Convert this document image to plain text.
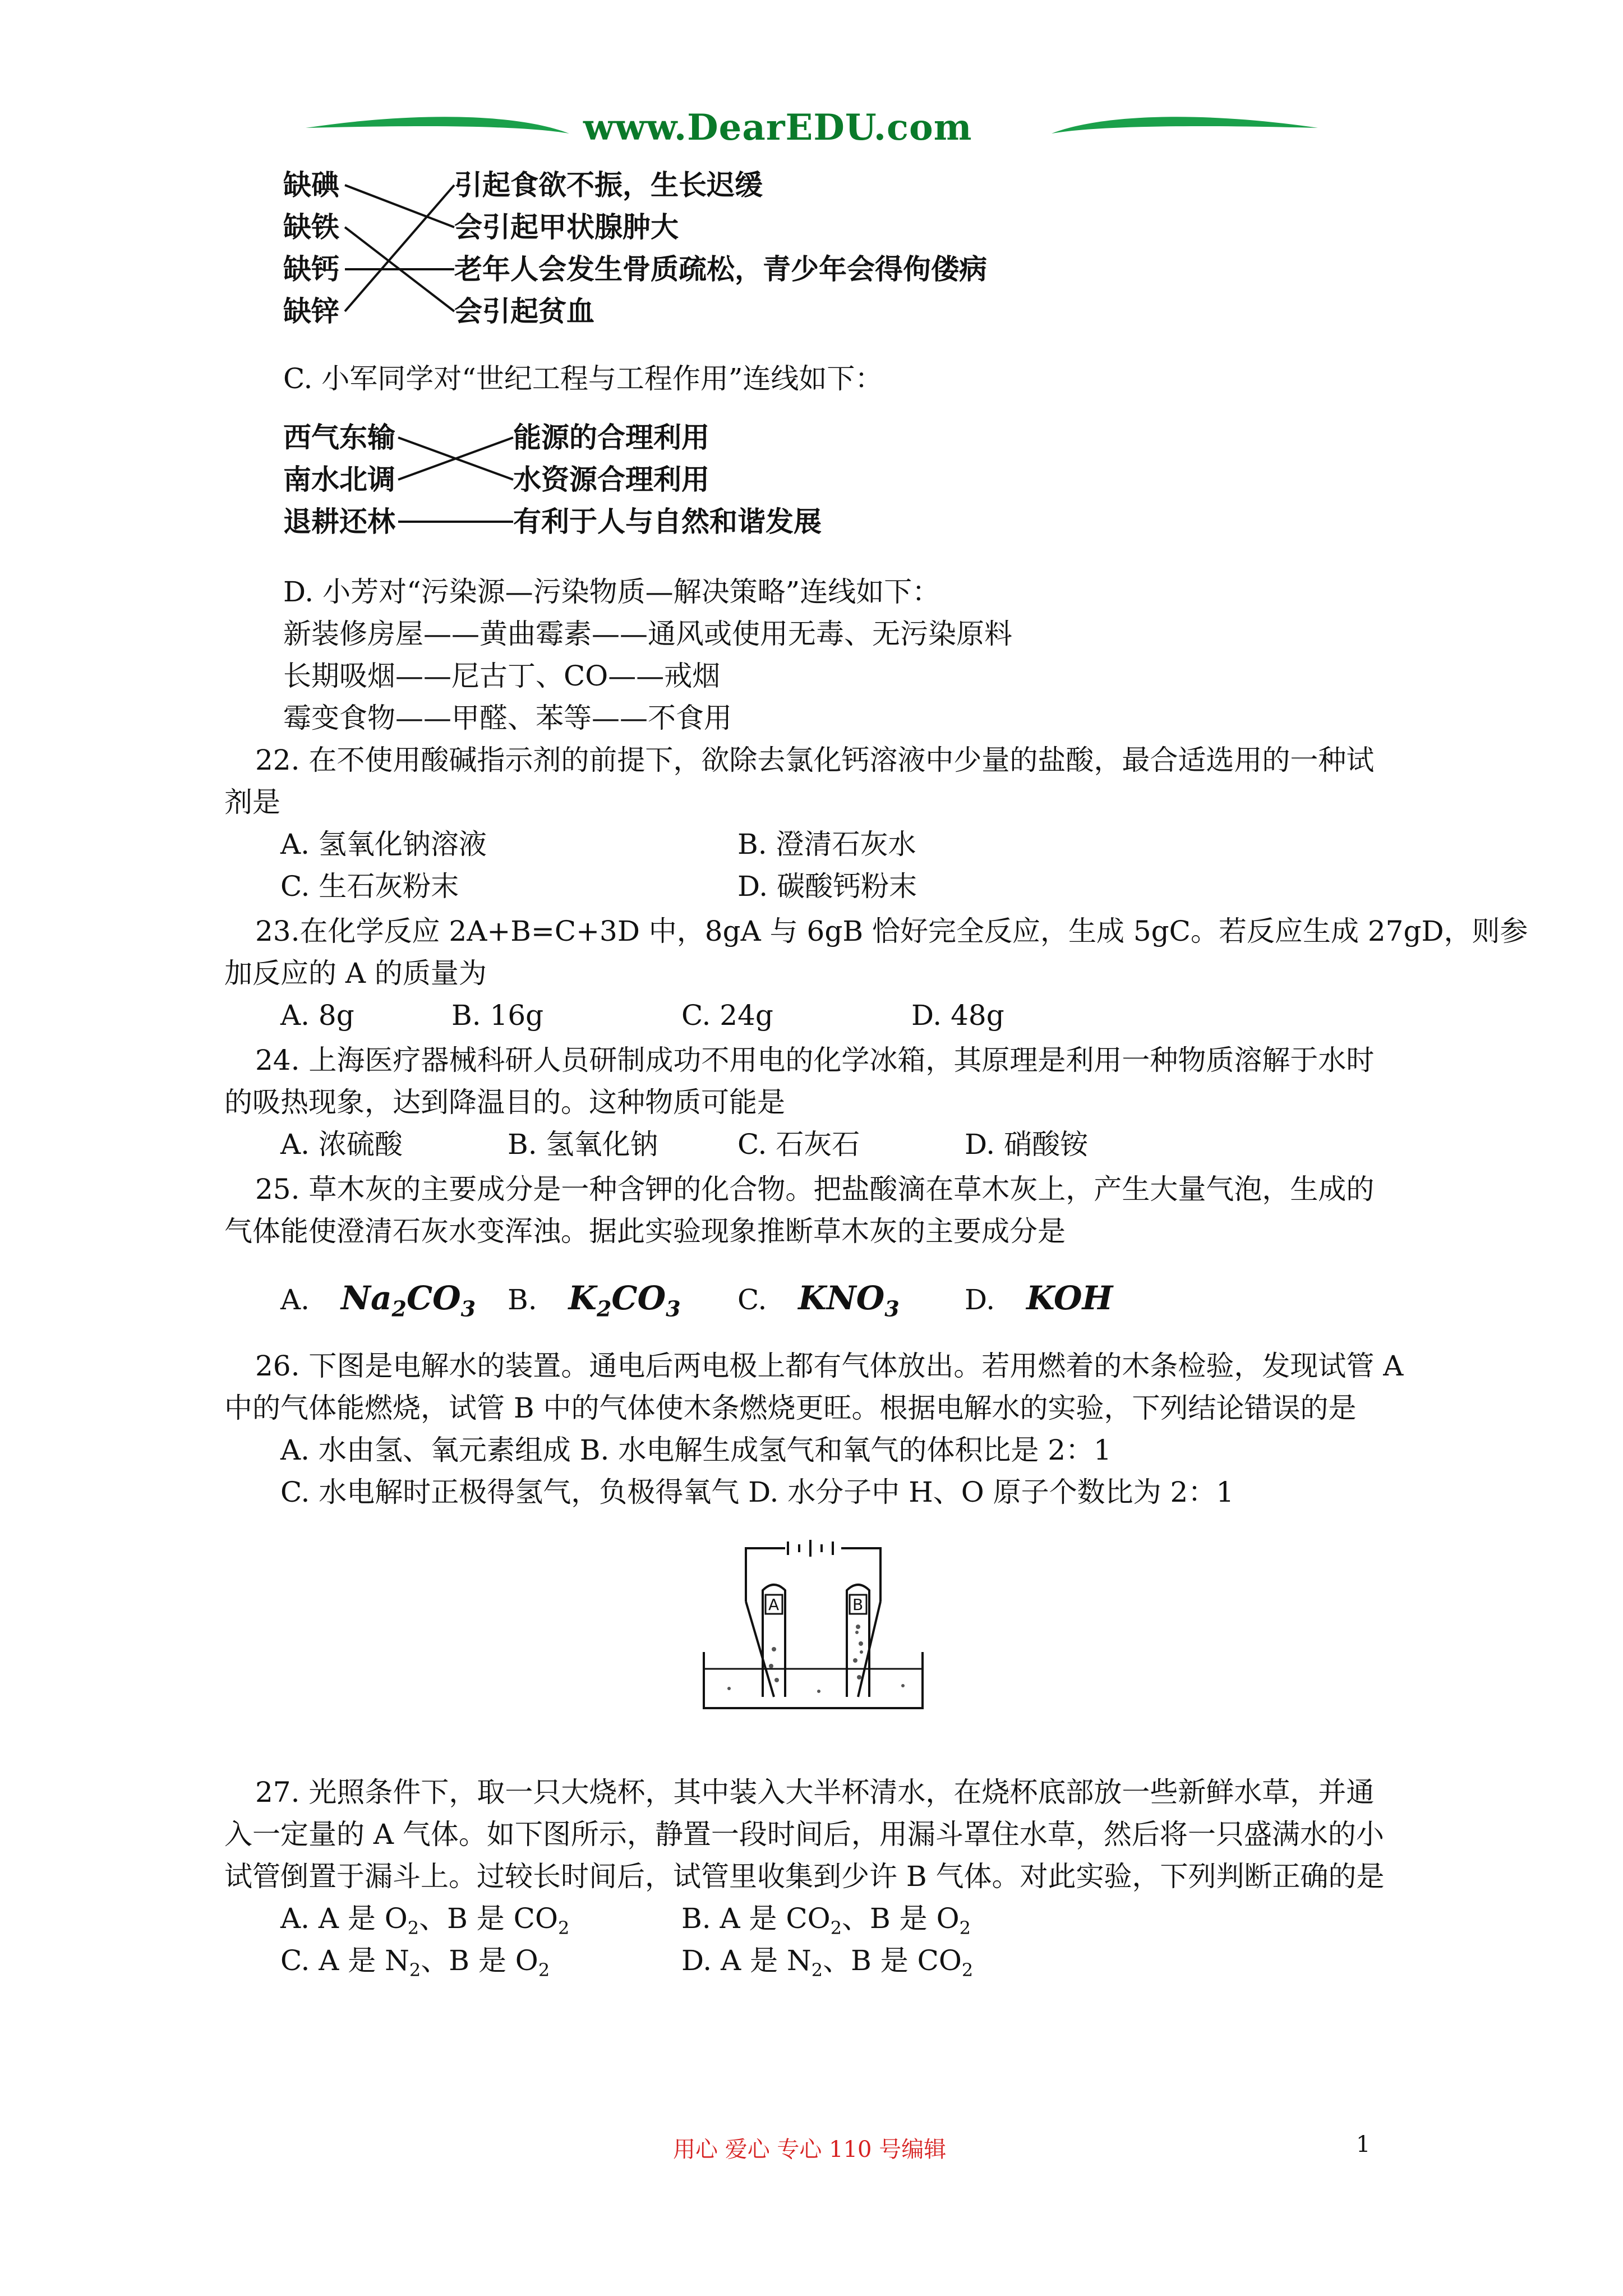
www.DearEDU.com
缺碘
缺铁
缺钙
缺锌
引起食欲不振，生长迟缓
会引起甲状腺肿大
老年人会发生骨质疏松，青少年会得佝偻病
会引起贫血
C. 小军同学对“世纪工程与工程作用”连线如下：
西气东输
南水北调
退耕还林
能源的合理利用
水资源合理利用
有利于人与自然和谐发展
D. 小芳对“污染源—污染物质—解决策略”连线如下：
新装修房屋——黄曲霉素——通风或使用无毒、无污染原料
长期吸烟——尼古丁、CO——戒烟
霉变食物——甲醛、苯等——不食用
22. 在不使用酸碱指示剂的前提下，欲除去氯化钙溶液中少量的盐酸，最合适选用的一种试
剂是
A. 氢氧化钠溶液	B. 澄清石灰水
C. 生石灰粉末	D. 碳酸钙粉末
23.在化学反应 2A+B=C+3D 中，8gA 与 6gB 恰好完全反应，生成 5gC。若反应生成 27gD，则参
加反应的 A 的质量为
A. 8g	B. 16g	C. 24g	D. 48g
24. 上海医疗器械科研人员研制成功不用电的化学冰箱，其原理是利用一种物质溶解于水时
的吸热现象，达到降温目的。这种物质可能是
A. 浓硫酸	B. 氢氧化钠	C. 石灰石	D. 硝酸铵
25. 草木灰的主要成分是一种含钾的化合物。把盐酸滴在草木灰上，产生大量气泡，生成的
气体能使澄清石灰水变浑浊。据此实验现象推断草木灰的主要成分是
A. $Na_2CO_3$ B. $K_2CO_3$ C. $KNO_3$ D. KOH
26. 下图是电解水的装置。通电后两电极上都有气体放出。若用燃着的木条检验，发现试管 A
中的气体能燃烧，试管 B 中的气体使木条燃烧更旺。根据电解水的实验，下列结论错误的是
A. 水由氢、氧元素组成 B. 水电解生成氢气和氧气的体积比是 2：1
C. 水电解时正极得氢气，负极得氧气 D. 水分子中 H、O 原子个数比为 2：1
A	B
27. 光照条件下，取一只大烧杯，其中装入大半杯清水，在烧杯底部放一些新鲜水草，并通
入一定量的 A 气体。如下图所示，静置一段时间后，用漏斗罩住水草，然后将一只盛满水的小
试管倒置于漏斗上。过较长时间后，试管里收集到少许 B 气体。对此实验，下列判断正确的是
A. A 是 $O_2$、B 是 $CO_2$	B. A 是 $CO_2$、B 是 $O_2$
C. A 是 $N_2$、B 是 $O_2$	D. A 是 $N_2$、B 是 $CO_2$
用心 爱心 专心 110 号编辑	1
